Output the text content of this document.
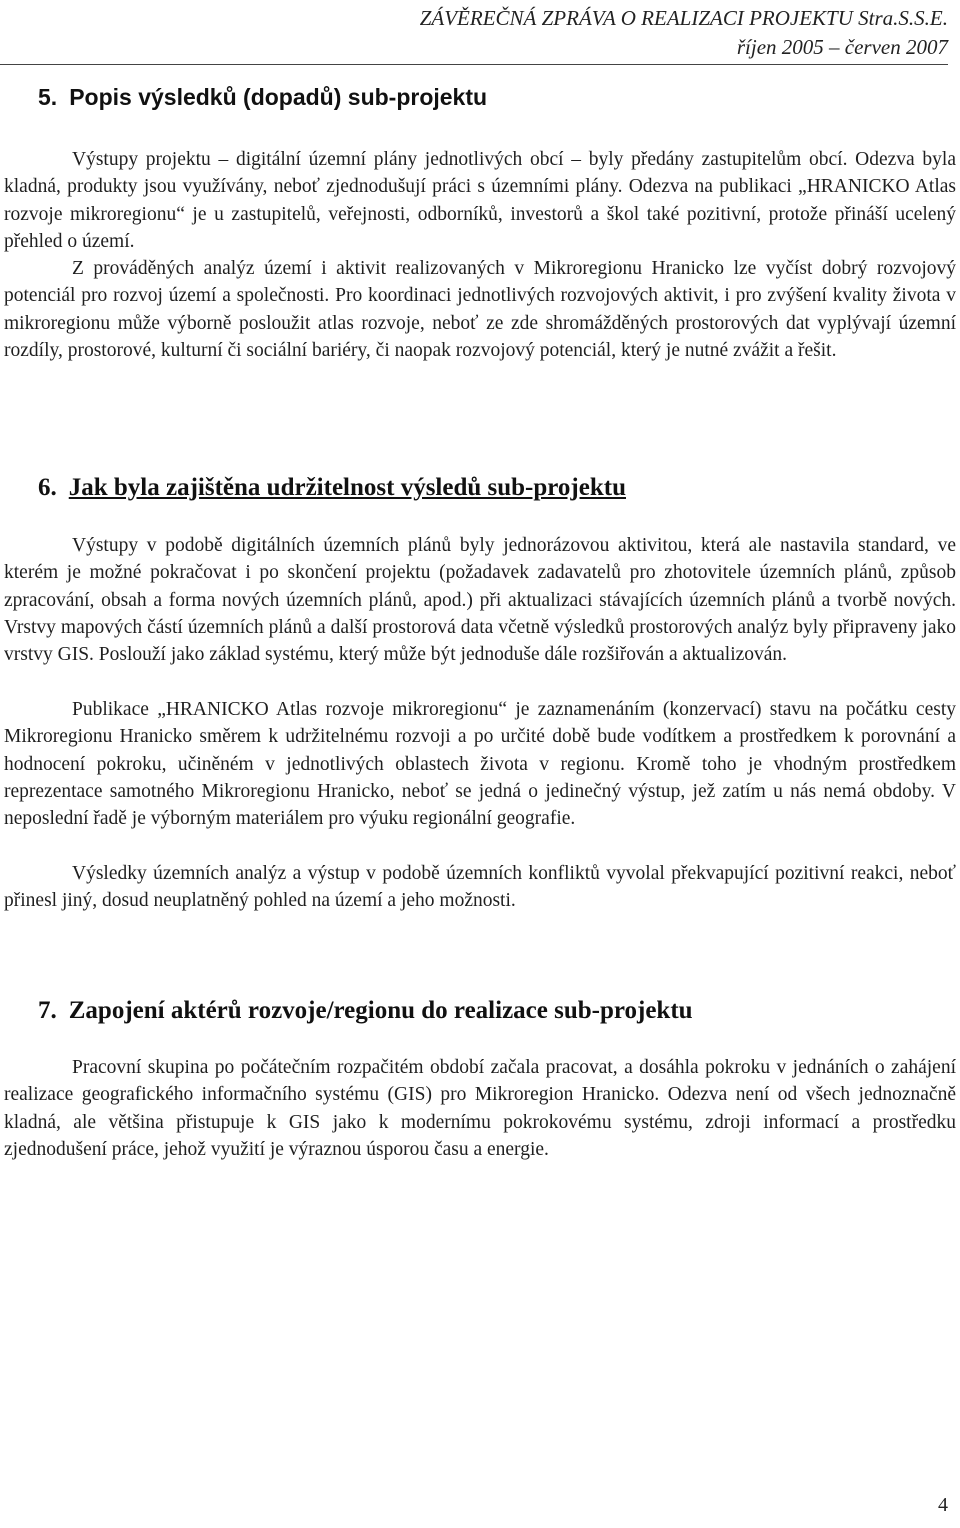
ZÁVĚREČNÁ ZPRÁVA O REALIZACI PROJEKTU Stra.S.S.E.
říjen 2005 – červen 2007
5. Popis výsledků (dopadů) sub-projektu

Výstupy projektu – digitální územní plány jednotlivých obcí – byly předány zastupitelům obcí. Odezva byla kladná, produkty jsou využívány, neboť zjednodušují práci s územními plány. Odezva na publikaci „HRANICKO Atlas rozvoje mikroregionu“ je u zastupitelů, veřejnosti, odborníků, investorů a škol také pozitivní, protože přináší ucelený přehled o území.

Z prováděných analýz území i aktivit realizovaných v Mikroregionu Hranicko lze vyčíst dobrý rozvojový potenciál pro rozvoj území a společnosti. Pro koordinaci jednotlivých rozvojových aktivit, i pro zvýšení kvality života v mikroregionu může výborně posloužit atlas rozvoje, neboť ze zde shromážděných prostorových dat vyplývají územní rozdíly, prostorové, kulturní či sociální bariéry, či naopak rozvojový potenciál, který je nutné zvážit a řešit.

6. Jak byla zajištěna udržitelnost výsledů sub-projektu

Výstupy v podobě digitálních územních plánů byly jednorázovou aktivitou, která ale nastavila standard, ve kterém je možné pokračovat i po skončení projektu (požadavek zadavatelů pro zhotovitele územních plánů, způsob zpracování, obsah a forma nových územních plánů, apod.) při aktualizaci stávajících územních plánů a tvorbě nových. Vrstvy mapových částí územních plánů a další prostorová data včetně výsledků prostorových analýz byly připraveny jako vrstvy GIS. Poslouží jako základ systému, který může být jednoduše dále rozšiřován a aktualizován.

Publikace „HRANICKO Atlas rozvoje mikroregionu“ je zaznamenáním (konzervací) stavu na počátku cesty Mikroregionu Hranicko směrem k udržitelnému rozvoji a po určité době bude vodítkem a prostředkem k porovnání a hodnocení pokroku, učiněném v jednotlivých oblastech života v regionu. Kromě toho je vhodným prostředkem reprezentace samotného Mikroregionu Hranicko, neboť se jedná o jedinečný výstup, jež zatím u nás nemá obdoby. V neposlední řadě je výborným materiálem pro výuku regionální geografie.

Výsledky územních analýz a výstup v podobě územních konfliktů vyvolal překvapující pozitivní reakci, neboť přinesl jiný, dosud neuplatněný pohled na území a jeho možnosti.

7. Zapojení aktérů rozvoje/regionu do realizace sub-projektu

Pracovní skupina po počátečním rozpačitém období začala pracovat, a dosáhla pokroku v jednáních o zahájení realizace geografického informačního systému (GIS) pro Mikroregion Hranicko. Odezva není od všech jednoznačně kladná, ale většina přistupuje k GIS jako k modernímu pokrokovému systému, zdroji informací a prostředku zjednodušení práce, jehož využití je výraznou úsporou času a energie.

4
